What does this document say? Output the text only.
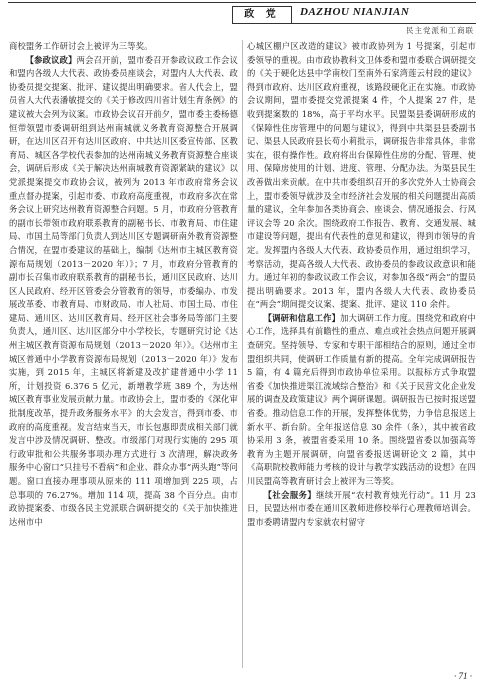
政 党	DAZHOU NIANJIAN
民主党派和工商联

商校盟务工作研讨会上被评为三等奖。

【参政议政】两会召开前，盟市委召开参政议政工作会议和盟内各级人大代表、政协委员座谈会，对盟内人大代表、政协委员提交提案、批评、建议提出明确要求。省人代会上，盟员省人大代表潘敏提交的《关于修改四川省计划生育条例》的建议被大会列为议案。市政协会议召开前夕，盟市委主委杨德恒带领盟市委调研组到达州南城就义务教育资源整合开展调研，在达川区召开有达川区政府、中共达川区委宣传部、区教育局、城区各学校代表参加的达州南城义务教育资源整合座谈会，调研后形成《关于解决达州南城教育资源紧缺的建议》以党派提案提交市政协会议，被列为 2013 年市政府常务会议重点督办提案，引起市委、市政府高度重视，市政府多次在常务会议上研究达州教育资源整合问题。5 月，市政府分管教育的副市长带领市政府联系教育的副秘书长、市教育局、市住建局、市国土局等部门负责人到达川区专题调研南外教育资源整合情况，在盟市委建议的基础上，编制《达州市主城区教育资源布局规划（2013－2020 年）》；7 月，市政府分管教育的副市长召集市政府联系教育的副秘书长，通川区民政府、达川区人民政府、经开区管委会分管教育的领导，市委编办、市发展改革委、市教育局、市财政局、市人社局、市国土局、市住建局、通川区、达川区教育局、经开区社会事务局等部门主要负责人，通川区、达川区部分中小学校长，专题研究讨论《达州主城区教育资源布局规划（2013－2020 年）》。《达州市主城区普通中小学教育资源布局规划（2013－2020 年）》发布实施，到 2015 年，主城区将新建及改扩建普通中小学 11 所，计划投资 6.376 5 亿元，新增教学班 389 个，为达州城区教育事业发展贡献力量。市政协会上，盟市委的《深化审批制度改革，提升政务服务水平》的大会发言，得到市委、市政府的高度重视。发言结束当天，市长包惠即责成相关部门就发言中涉及情况调研、整改。市级部门对现行实施的 295 项行政审批和公共服务事项办理方式进行 3 次清理，解决政务服务中心窗口“只挂号不看病”和企业、群众办事“两头跑”等问题。窗口直接办理事项从原来的 111 项增加到 225 项，占总事项的 76.27%。增加 114 项，提高 38 个百分点。由市政协提案委、市级各民主党派联合调研提交的《关于加快推进达州市中

心城区棚户区改造的建议》被市政协列为 1 号提案，引起市委领导的重视。由市政协教科文卫体委和盟市委联合调研提交的《关于硬化达县中学南校门至南外石家湾莲云村段的建议》得到市政府、达川区政府重视，该路段硬化正在实施。市政协会议期间，盟市委提交党派提案 4 件，个人提案 27 件，是收到提案数的 18%，高于平均水平。民盟渠县委调研形成的《保障性住房管理中的问题与建议》，得到中共渠县县委副书记、渠县人民政府县长苟小莉批示，调研报告非常具体，非常实在，很有操作性。政府将出台保障性住房的分配、管理、使用、保障房使用的计划、进度、管理、分配办法。为渠县民生改善做出来贡献。在中共市委组织召开的多次党外人士协商会上，盟市委领导就涉及全市经济社会发展的相关问题提出高质量的建议，全年参加各类协商会、座谈会、情况通报会、行风评议会等 20 余次。围绕政府工作报告、教育、交通发展、城市建设等问题，提出有代表性的意见和建议，得到市领导的肯定。发挥盟内各级人大代表、政协委员作用，通过组织学习，考察活动，提高各级人大代表、政协委员的参政议政意识和能力。通过年初的参政议政工作会议，对参加各级“两会”的盟员提出明确要求。2013 年，盟内各级人大代表、政协委员在“两会”期间提交议案、提案、批评、建议 110 余件。

【调研和信息工作】加大调研工作力度。围绕党和政府中心工作，选择具有前瞻性的重点、难点或社会热点问题开展调查研究。坚持领导、专家和专职干部相结合的原则，通过全市盟组织共同，使调研工作质量有新的提高。全年完成调研报告 5 篇，有 4 篇充后得到市政协单位采用。以报标方式争取盟省委《加快推进渠江流域综合整治》和《关于民营文化企业发展的调查及政策建议》两个调研课题。调研报告已按时报送盟省委。推动信息工作的开展，发挥整体优势，力争信息报送上新水平、新台阶。全年报送信息 30 余件（条），其中被省政协采用 3 条，被盟省委采用 10 条。围绕盟省委以加强高等教育为主题开展调研，向盟省委报送调研论文 2 篇，其中《高职院校教师能力考核的设计与教学实践活动的设想》在四川民盟高等教育研讨会上被评为三等奖。

【社会服务】继续开展“农村教育烛光行动”。11 月 23 日，民盟达州市委在通川区教师进修校举行心理教师培训会。盟市委聘请盟内专家就农村留守

· 71 ·
